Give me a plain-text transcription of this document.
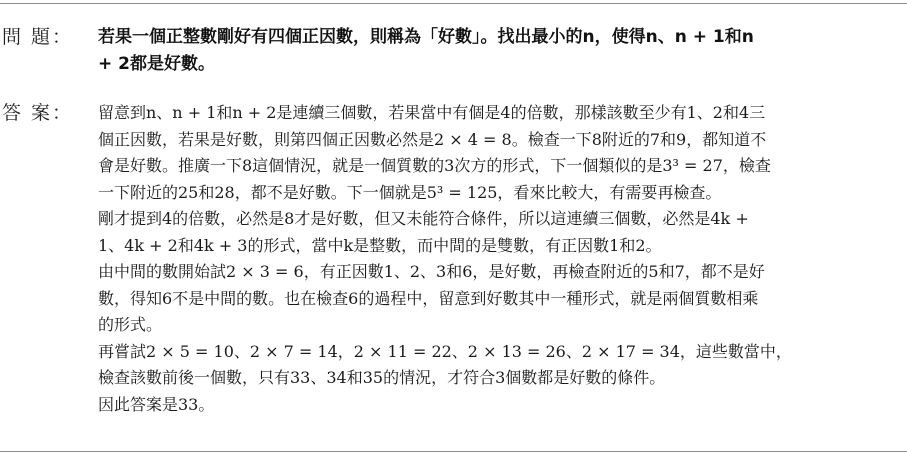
問 題： 若果一個正整數剛好有四個正因數，則稱為「好數」。找出最小的n，使得n、n + 1和n
+ 2都是好數。
答 案： 留意到n、n + 1和n + 2是連續三個數，若果當中有個是4的倍數，那樣該數至少有1、2和4三

個正因數，若果是好數，則第四個正因數必然是2 × 4 = 8。檢查一下8附近的7和9，都知道不

會是好數。推廣一下8這個情況，就是一個質數的3次方的形式，下一個類似的是3³ = 27，檢查

一下附近的25和28，都不是好數。下一個就是5³ = 125，看來比較大，有需要再檢查。

剛才提到4的倍數，必然是8才是好數，但又未能符合條件，所以這連續三個數，必然是4k +

1、4k + 2和4k + 3的形式，當中k是整數，而中間的是雙數，有正因數1和2。

由中間的數開始試2 × 3 = 6，有正因數1、2、3和6，是好數，再檢查附近的5和7，都不是好

數，得知6不是中間的數。也在檢查6的過程中，留意到好數其中一種形式，就是兩個質數相乘

的形式。

再嘗試2 × 5 = 10、2 × 7 = 14，2 × 11 = 22、2 × 13 = 26、2 × 17 = 34，這些數當中，

檢查該數前後一個數，只有33、34和35的情況，才符合3個數都是好數的條件。

因此答案是33。
